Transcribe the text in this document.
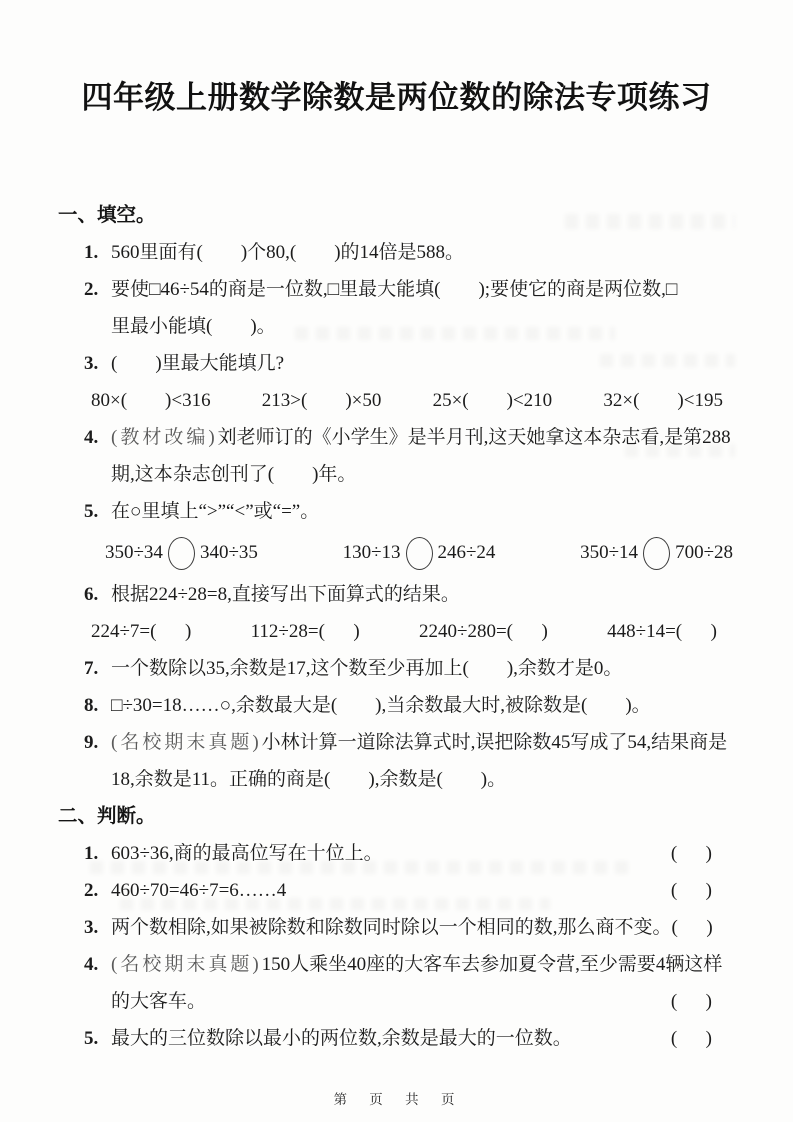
四年级上册数学除数是两位数的除法专项练习
一、填空。
1. 560里面有(        )个80,(        )的14倍是588。
2. 要使□46÷54的商是一位数,□里最大能填(        );要使它的商是两位数,□
里最小能填(        )。
3. (        )里最大能填几?
80×(        )<316	213>(        )×50	25×(        )<210	32×(        )<195
4. (教材改编)刘老师订的《小学生》是半月刊,这天她拿这本杂志看,是第288
期,这本杂志创刊了(        )年。
5. 在○里填上“>”“<”或“=”。
350÷34 340÷35	130÷13 246÷24	350÷14 700÷28
6. 根据224÷28=8,直接写出下面算式的结果。
224÷7=(      )	112÷28=(      )	2240÷280=(      )	448÷14=(      )
7. 一个数除以35,余数是17,这个数至少再加上(        ),余数才是0。
8. □÷30=18……○,余数最大是(        ),当余数最大时,被除数是(        )。
9. (名校期末真题)小林计算一道除法算式时,误把除数45写成了54,结果商是
18,余数是11。正确的商是(        ),余数是(        )。
二、判断。
1. 603÷36,商的最高位写在十位上。	(      )
2. 460÷70=46÷7=6……4	(      )
3. 两个数相除,如果被除数和除数同时除以一个相同的数,那么商不变。 (      )
4. (名校期末真题)150人乘坐40座的大客车去参加夏令营,至少需要4辆这样
的大客车。	(      )
5. 最大的三位数除以最小的两位数,余数是最大的一位数。	(      )
第 页 共 页
